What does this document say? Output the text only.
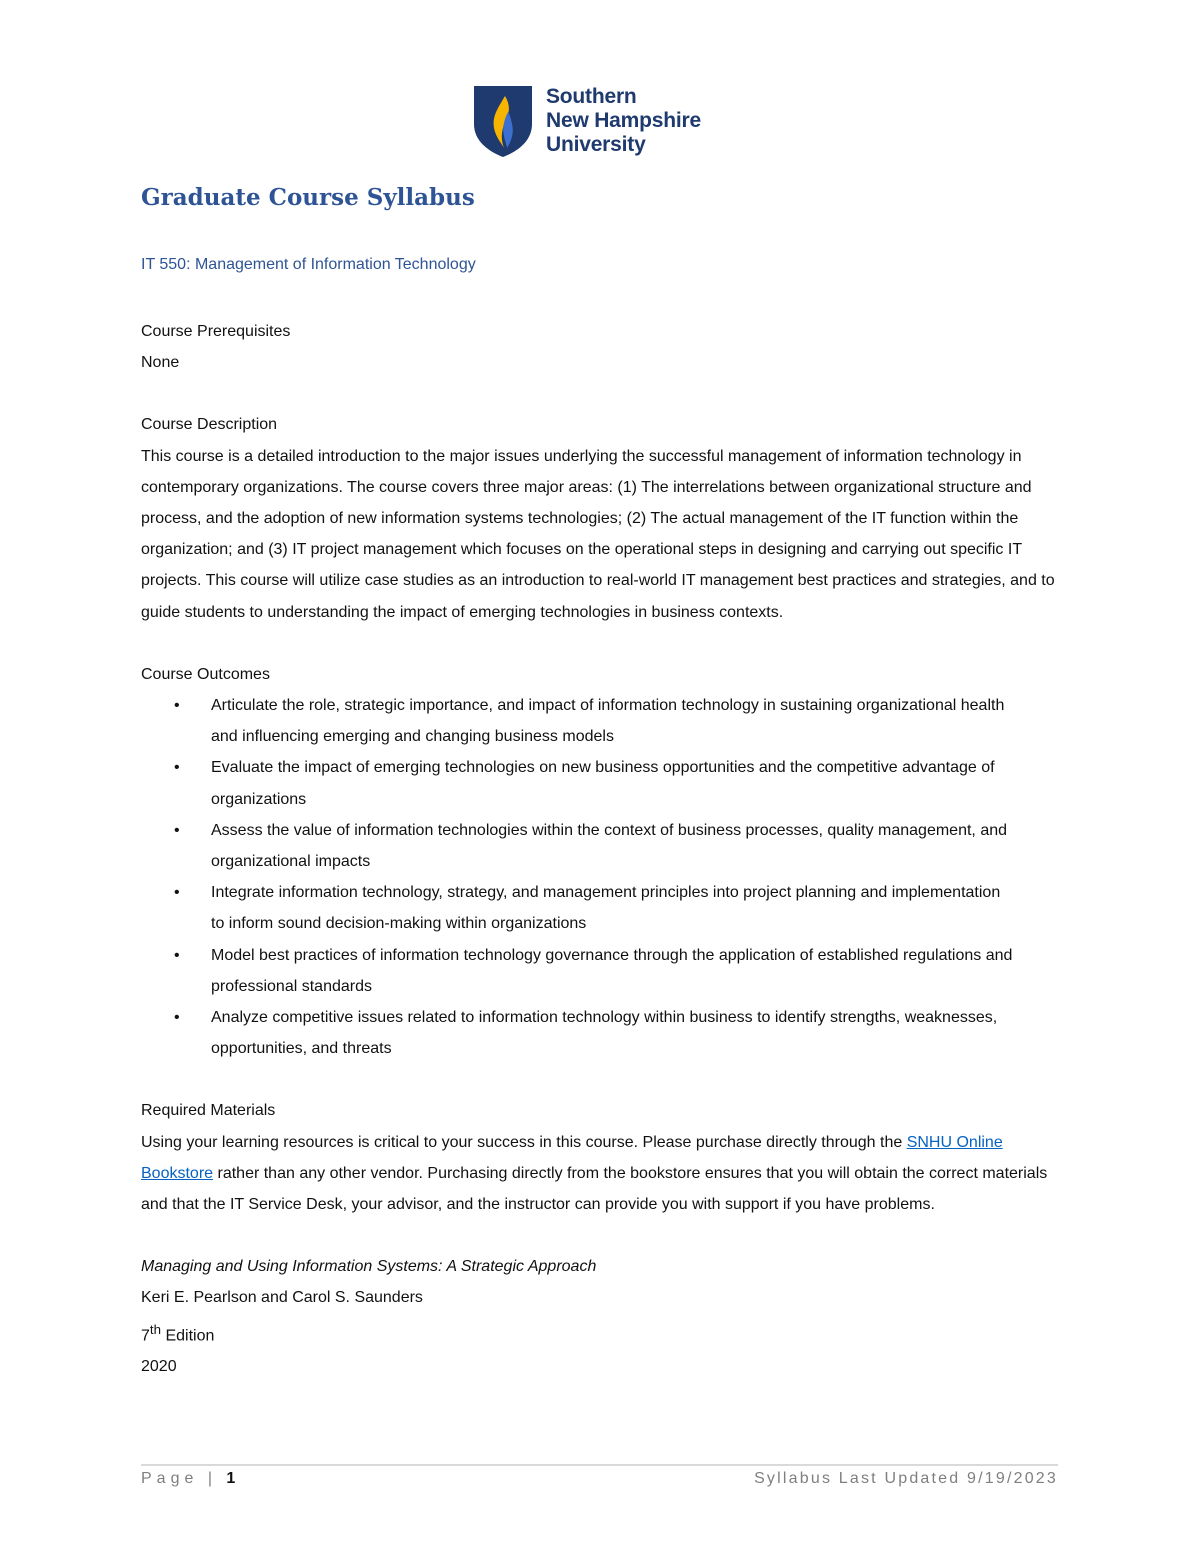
Southern
New Hampshire
University
Graduate Course Syllabus
IT 550: Management of Information Technology

Course Prerequisites

None

Course Description

This course is a detailed introduction to the major issues underlying the successful management of information technology in contemporary organizations. The course covers three major areas: (1) The interrelations between organizational structure and process, and the adoption of new information systems technologies; (2) The actual management of the IT function within the organization; and (3) IT project management which focuses on the operational steps in designing and carrying out specific IT projects. This course will utilize case studies as an introduction to real-world IT management best practices and strategies, and to guide students to understanding the impact of emerging technologies in business contexts.

Course Outcomes

• Articulate the role, strategic importance, and impact of information technology in sustaining organizational health and influencing emerging and changing business models
• Evaluate the impact of emerging technologies on new business opportunities and the competitive advantage of organizations
• Assess the value of information technologies within the context of business processes, quality management, and organizational impacts
• Integrate information technology, strategy, and management principles into project planning and implementation to inform sound decision-making within organizations
• Model best practices of information technology governance through the application of established regulations and professional standards
• Analyze competitive issues related to information technology within business to identify strengths, weaknesses, opportunities, and threats

Required Materials

Using your learning resources is critical to your success in this course. Please purchase directly through the SNHU Online Bookstore rather than any other vendor. Purchasing directly from the bookstore ensures that you will obtain the correct materials and that the IT Service Desk, your advisor, and the instructor can provide you with support if you have problems.

Managing and Using Information Systems: A Strategic Approach

Keri E. Pearlson and Carol S. Saunders

7th Edition

2020

Page | 1	Syllabus Last Updated 9/19/2023
